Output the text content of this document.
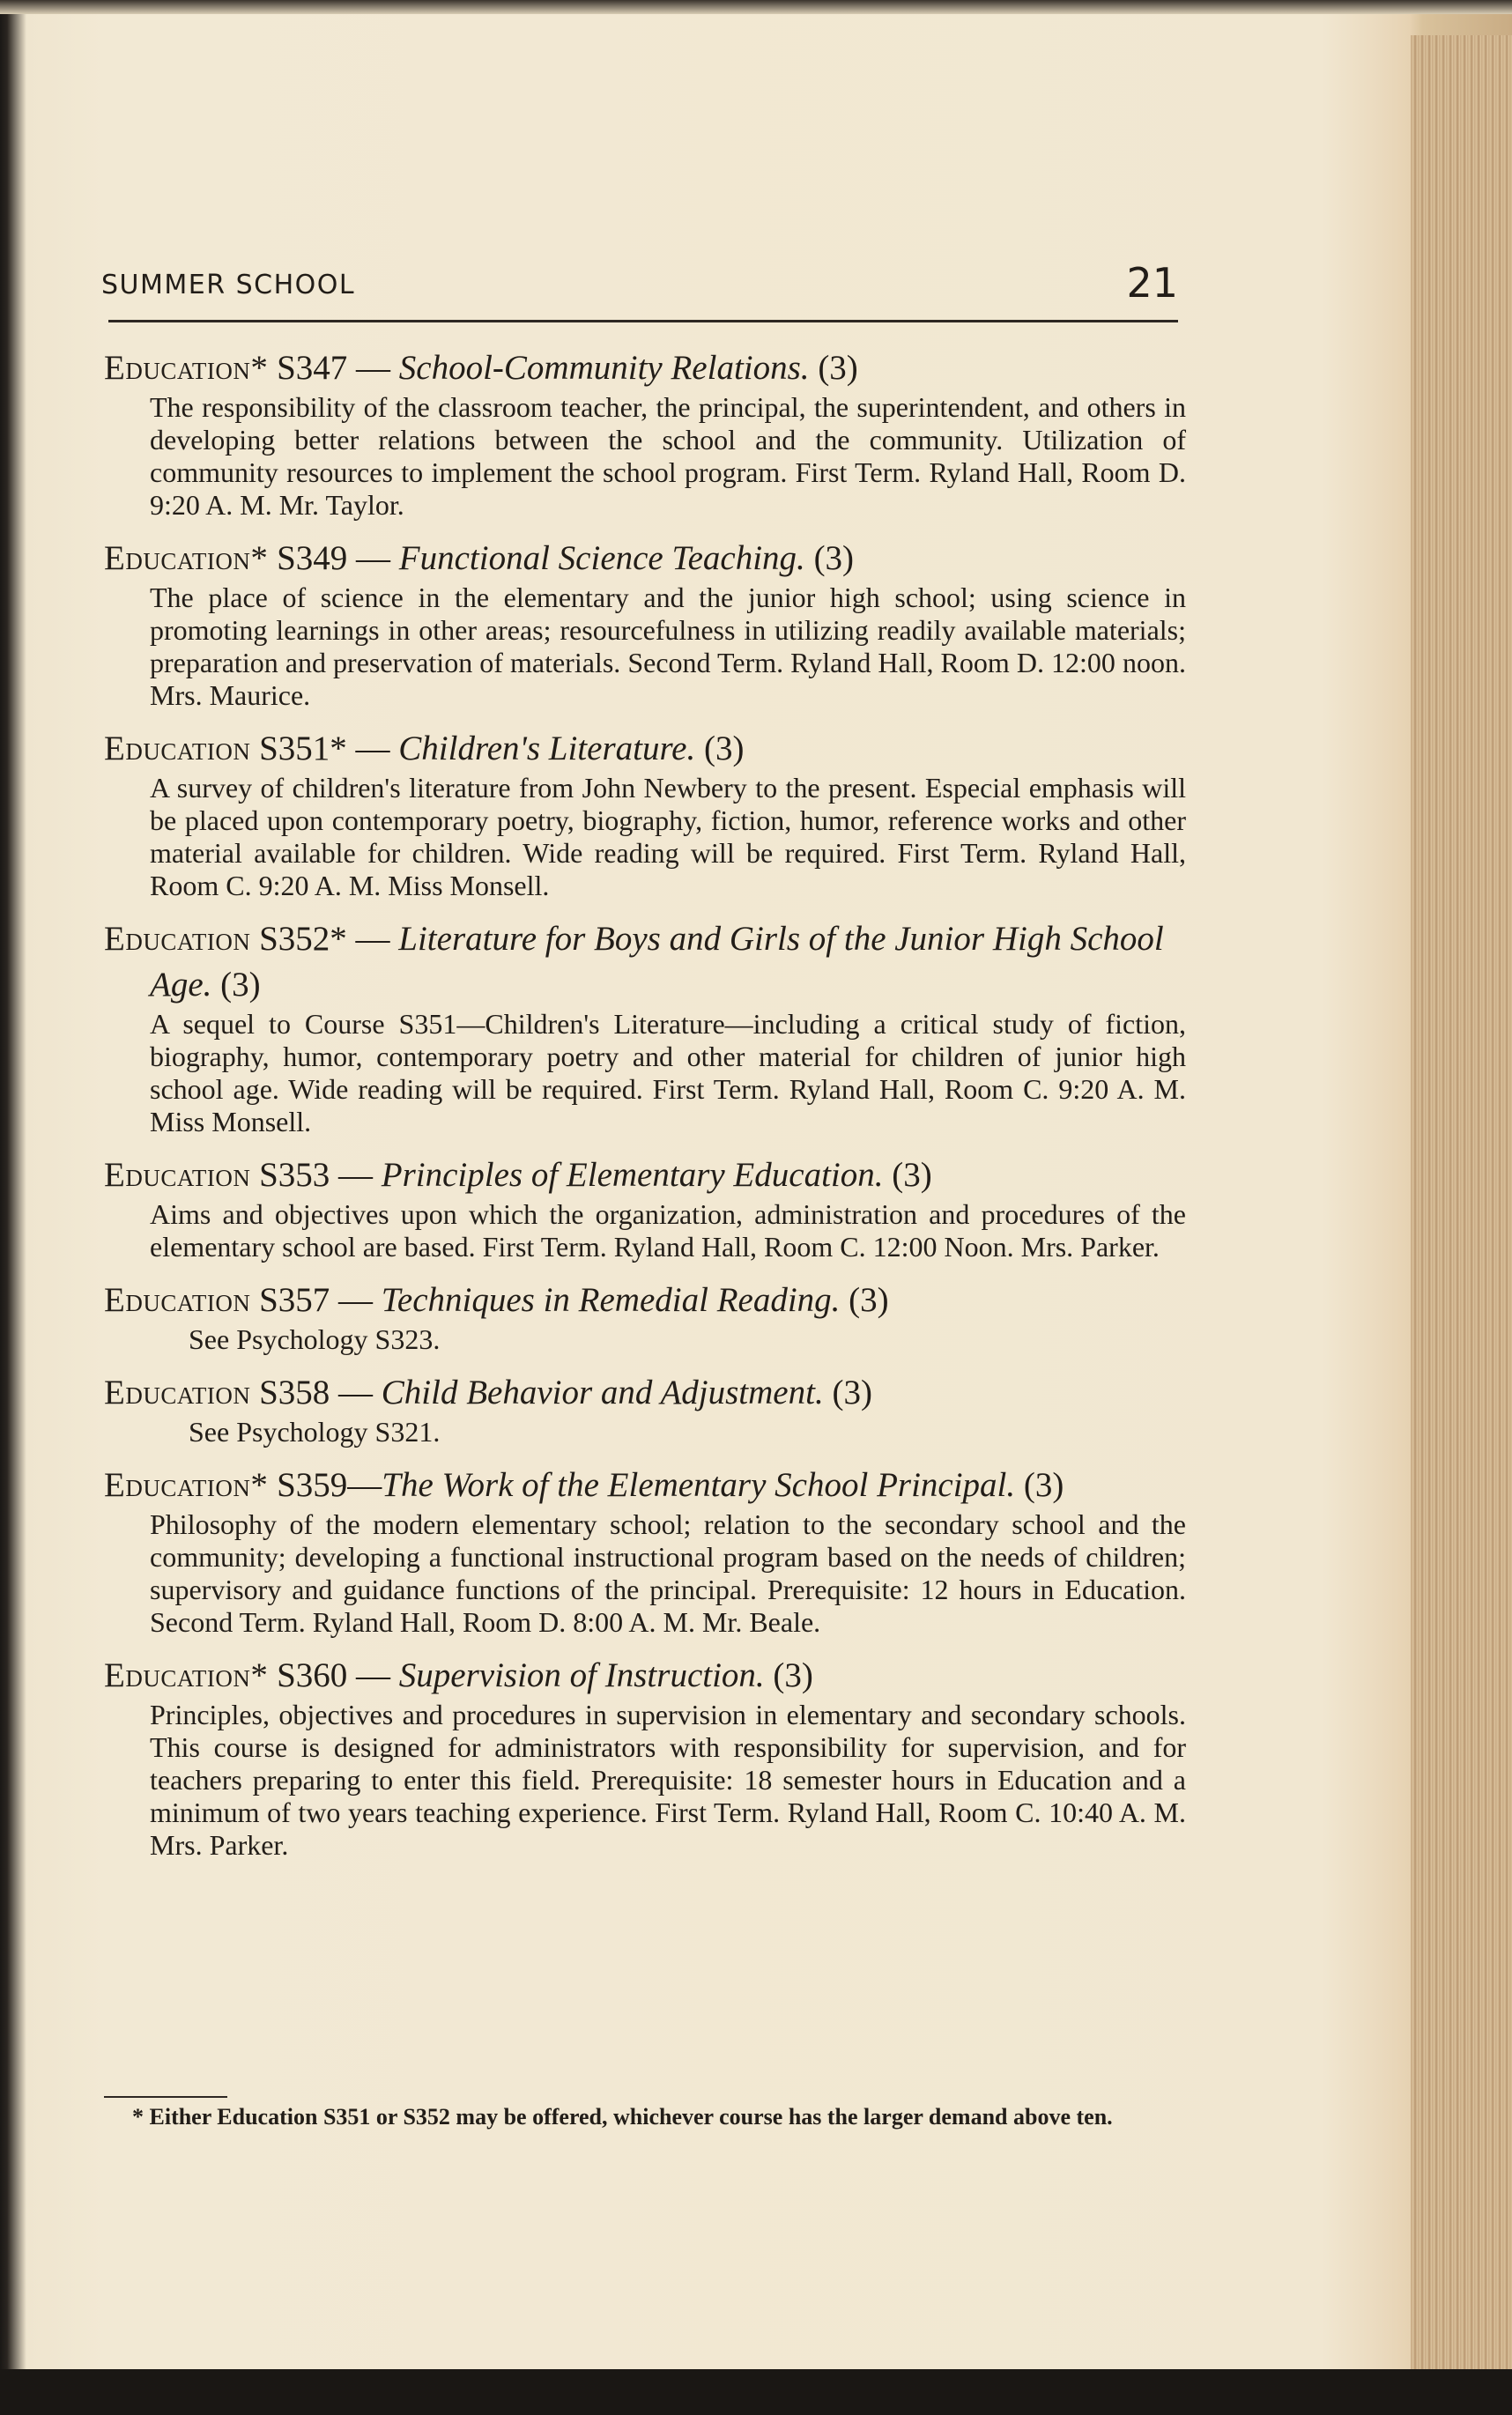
SUMMER SCHOOL	21
Education* S347 — School-Community Relations. (3)
The responsibility of the classroom teacher, the principal, the superintendent, and others in developing better relations between the school and the community. Utilization of community resources to implement the school program. First Term. Ryland Hall, Room D. 9:20 A. M. Mr. Taylor.
Education* S349 — Functional Science Teaching. (3)
The place of science in the elementary and the junior high school; using science in promoting learnings in other areas; resourcefulness in utilizing readily available materials; preparation and preservation of materials. Second Term. Ryland Hall, Room D. 12:00 noon. Mrs. Maurice.
Education S351* — Children's Literature. (3)
A survey of children's literature from John Newbery to the present. Especial emphasis will be placed upon contemporary poetry, biography, fiction, humor, reference works and other material available for children. Wide reading will be required. First Term. Ryland Hall, Room C. 9:20 A. M. Miss Monsell.
Education S352* — Literature for Boys and Girls of the Junior High School Age. (3)
A sequel to Course S351—Children's Literature—including a critical study of fiction, biography, humor, contemporary poetry and other material for children of junior high school age. Wide reading will be required. First Term. Ryland Hall, Room C. 9:20 A. M. Miss Monsell.
Education S353 — Principles of Elementary Education. (3)
Aims and objectives upon which the organization, administration and procedures of the elementary school are based. First Term. Ryland Hall, Room C. 12:00 Noon. Mrs. Parker.
Education S357 — Techniques in Remedial Reading. (3)
See Psychology S323.
Education S358 — Child Behavior and Adjustment. (3)
See Psychology S321.
Education* S359—The Work of the Elementary School Principal. (3)
Philosophy of the modern elementary school; relation to the secondary school and the community; developing a functional instructional program based on the needs of children; supervisory and guidance functions of the principal. Prerequisite: 12 hours in Education. Second Term. Ryland Hall, Room D. 8:00 A. M. Mr. Beale.
Education* S360 — Supervision of Instruction. (3)
Principles, objectives and procedures in supervision in elementary and secondary schools. This course is designed for administrators with responsibility for supervision, and for teachers preparing to enter this field. Prerequisite: 18 semester hours in Education and a minimum of two years teaching experience. First Term. Ryland Hall, Room C. 10:40 A. M. Mrs. Parker.
* Either Education S351 or S352 may be offered, whichever course has the larger demand above ten.
